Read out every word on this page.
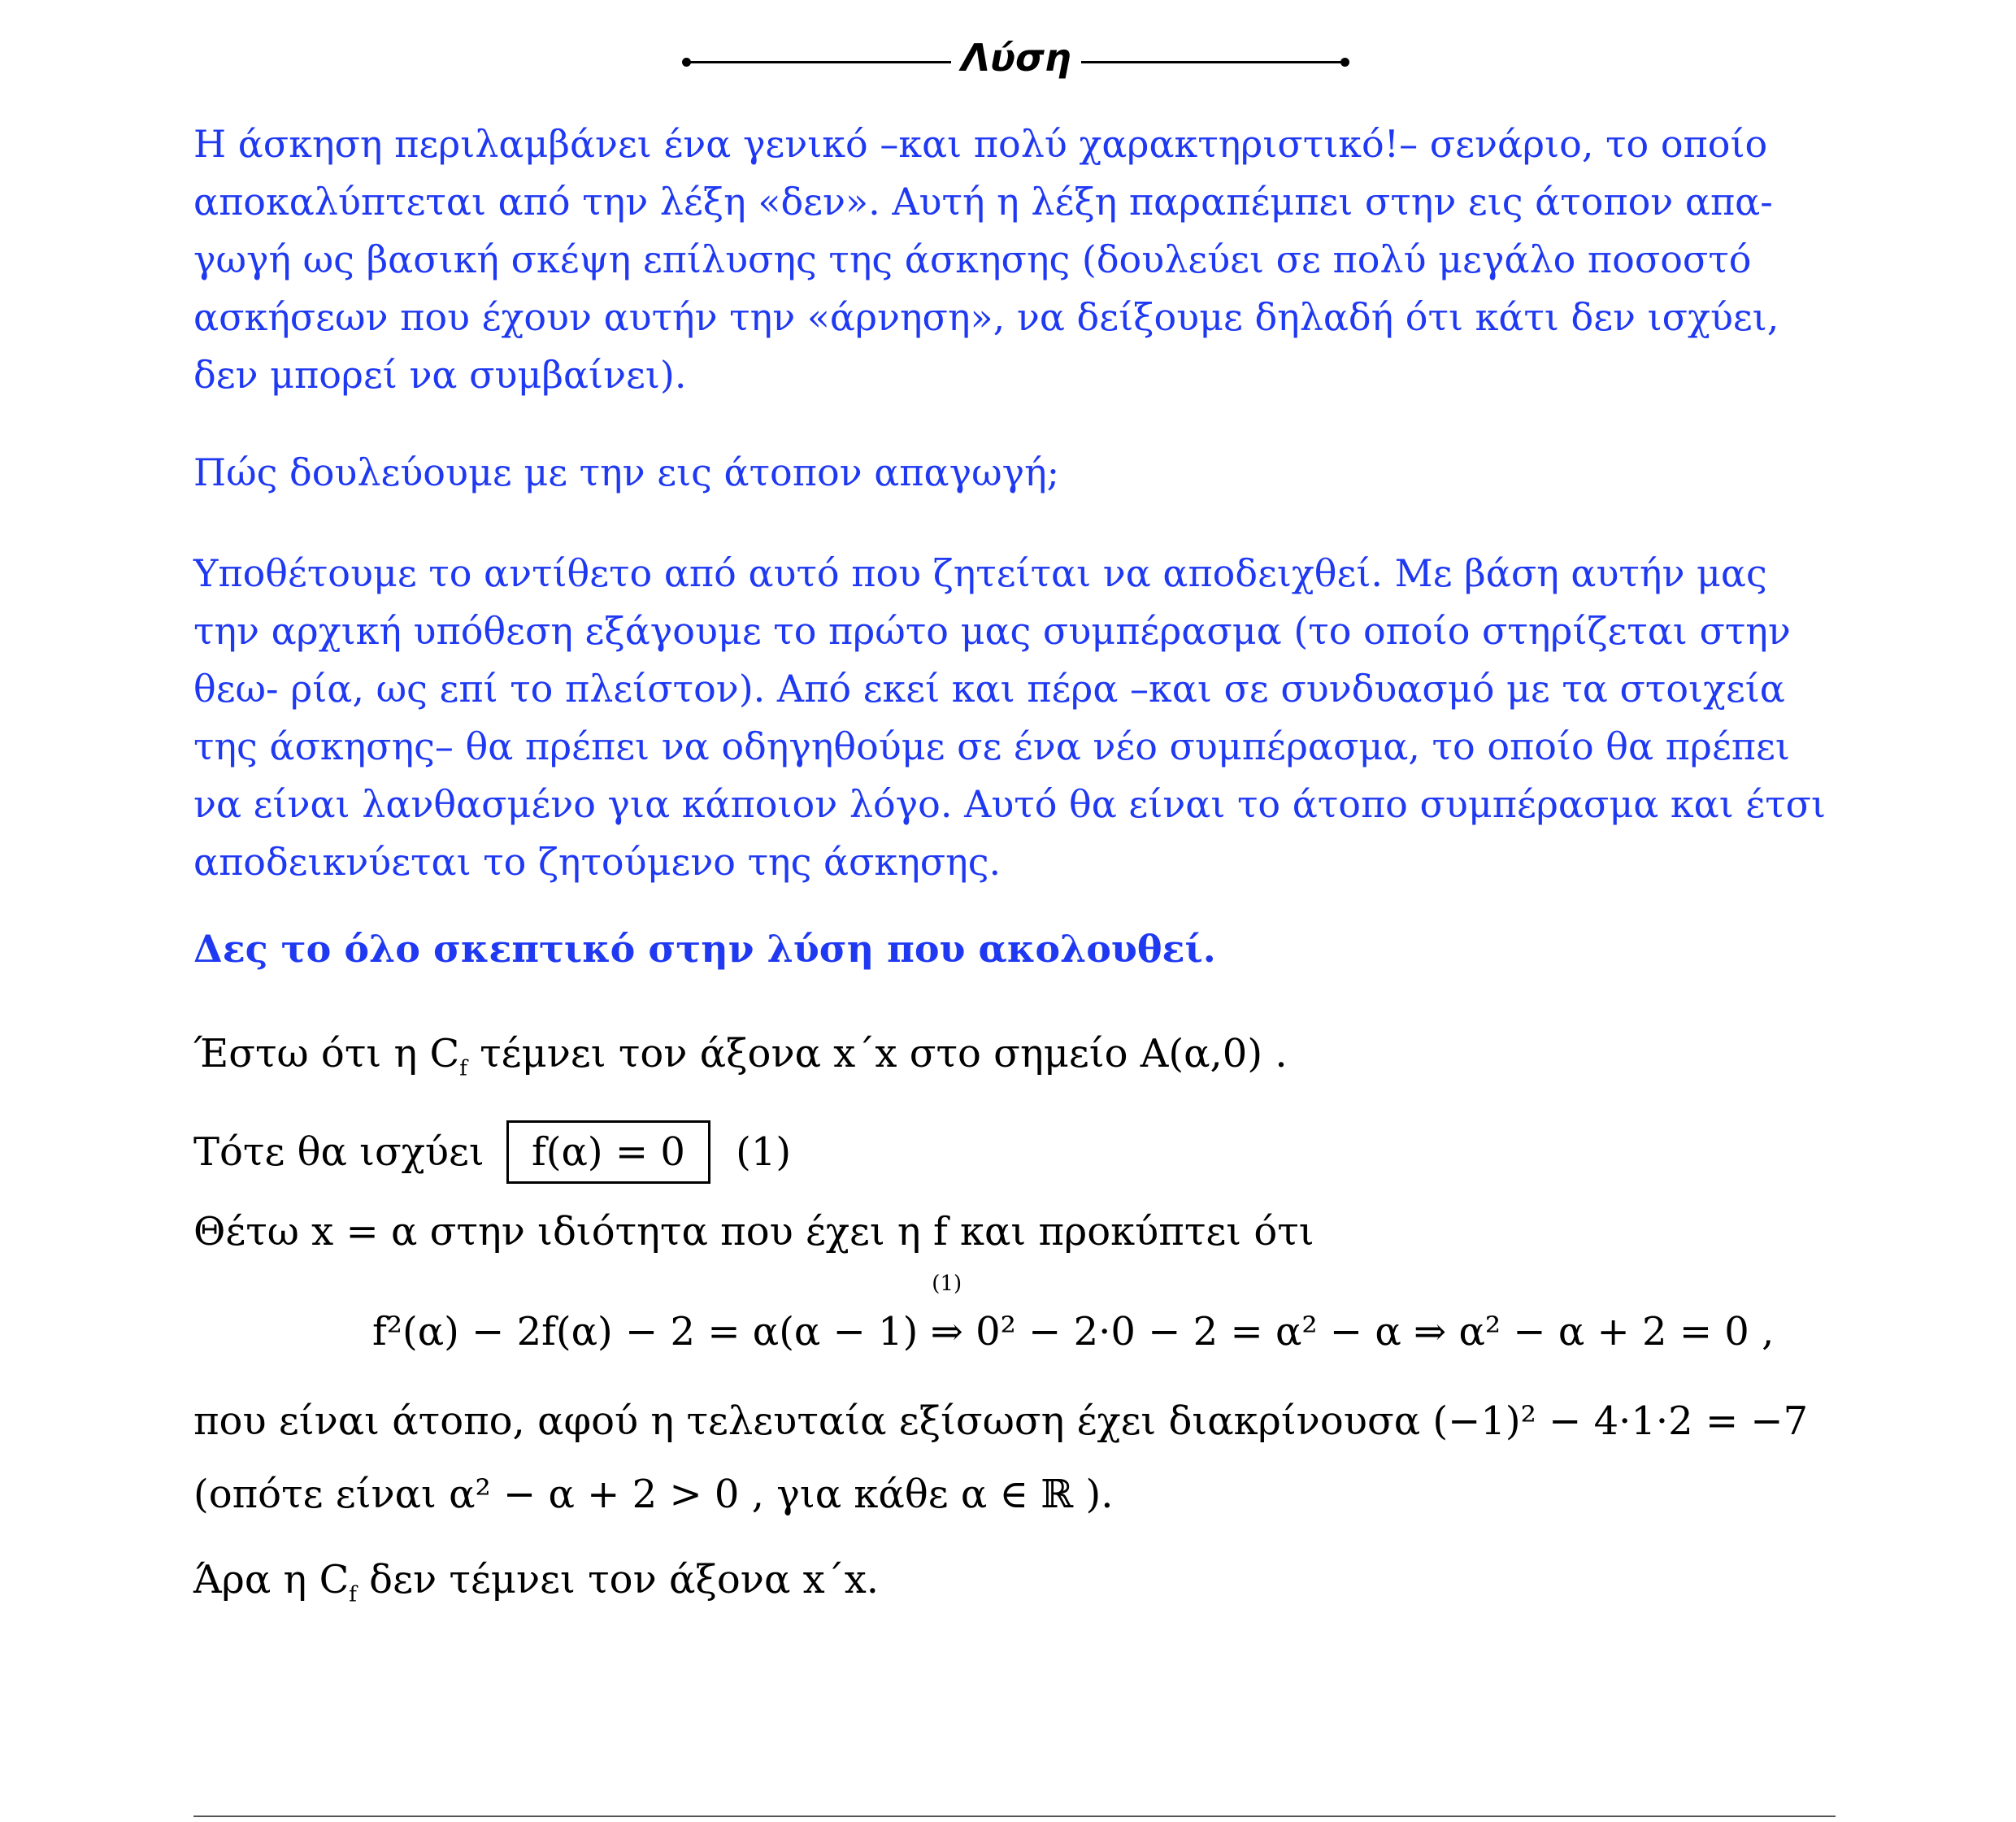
Λύση

Η άσκηση περιλαμβάνει ένα γενικό –και πολύ χαρακτηριστικό!– σενάριο, το οποίο αποκαλύπτεται από την λέξη «δεν». Αυτή η λέξη παραπέμπει στην εις άτοπον απα- γωγή ως βασική σκέψη επίλυσης της άσκησης (δουλεύει σε πολύ μεγάλο ποσοστό ασκήσεων που έχουν αυτήν την «άρνηση», να δείξουμε δηλαδή ότι κάτι δεν ισχύει, δεν μπορεί να συμβαίνει).

Πώς δουλεύουμε με την εις άτοπον απαγωγή;

Υποθέτουμε το αντίθετο από αυτό που ζητείται να αποδειχθεί. Με βάση αυτήν μας την αρχική υπόθεση εξάγουμε το πρώτο μας συμπέρασμα (το οποίο στηρίζεται στην θεω- ρία, ως επί το πλείστον). Από εκεί και πέρα –και σε συνδυασμό με τα στοιχεία της άσκησης– θα πρέπει να οδηγηθούμε σε ένα νέο συμπέρασμα, το οποίο θα πρέπει να είναι λανθασμένο για κάποιον λόγο. Αυτό θα είναι το άτοπο συμπέρασμα και έτσι αποδεικνύεται το ζητούμενο της άσκησης.

Δες το όλο σκεπτικό στην λύση που ακολουθεί.

Έστω ότι η $C_f$ τέμνει τον άξονα x΄x στο σημείο A(α,0) .
Τότε θα ισχύει f(α) = 0 (1)
Θέτω x = α στην ιδιότητα που έχει η f και προκύπτει ότι
f²(α) − 2f(α) − 2 = α(α − 1)
(1)
⇒ 0² − 2·0 − 2 = α² − α ⇒ α² − α + 2 = 0 ,
που είναι άτοπο, αφού η τελευταία εξίσωση έχει διακρίνουσα (−1)² − 4·1·2 = −7
(οπότε είναι α² − α + 2 > 0 , για κάθε α ∈ ℝ ).
Άρα η $C_f$ δεν τέμνει τον άξονα x΄x.
